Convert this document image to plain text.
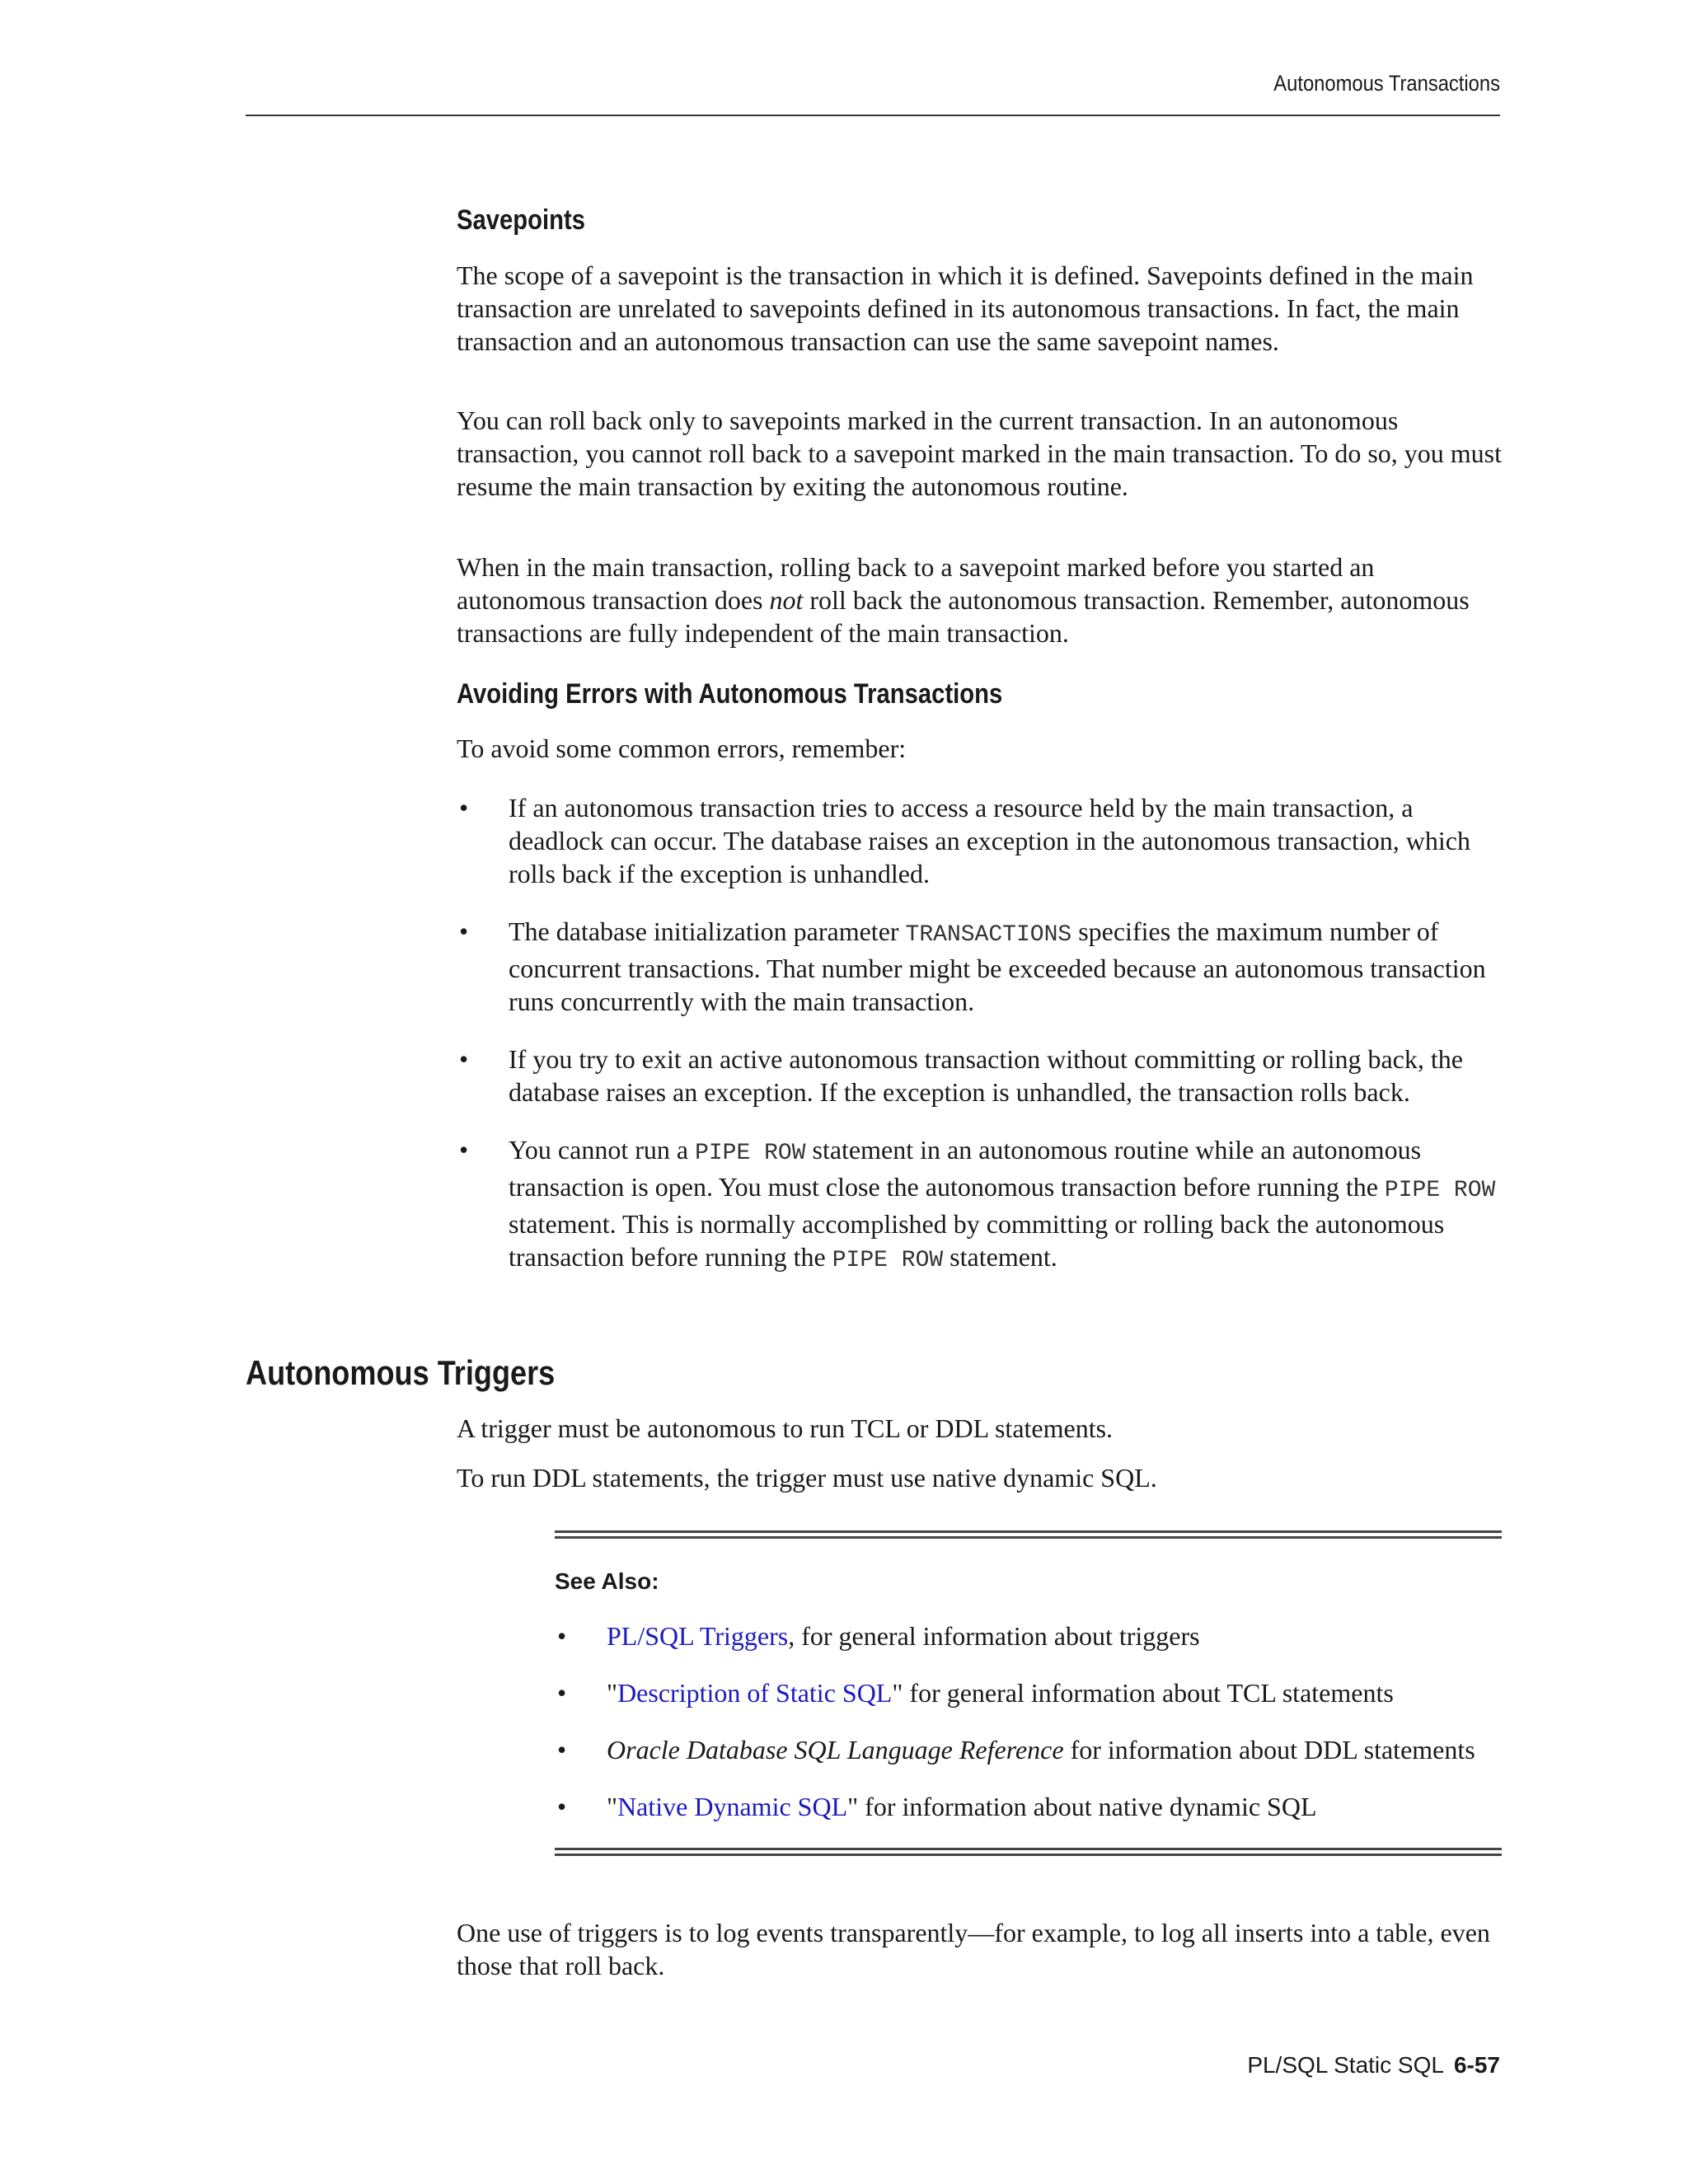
Autonomous Transactions
Savepoints

The scope of a savepoint is the transaction in which it is defined. Savepoints defined in the main transaction are unrelated to savepoints defined in its autonomous transactions. In fact, the main transaction and an autonomous transaction can use the same savepoint names.

You can roll back only to savepoints marked in the current transaction. In an autonomous transaction, you cannot roll back to a savepoint marked in the main transaction. To do so, you must resume the main transaction by exiting the autonomous routine.

When in the main transaction, rolling back to a savepoint marked before you started an autonomous transaction does not roll back the autonomous transaction. Remember, autonomous transactions are fully independent of the main transaction.

Avoiding Errors with Autonomous Transactions

To avoid some common errors, remember:

• If an autonomous transaction tries to access a resource held by the main transaction, a deadlock can occur. The database raises an exception in the autonomous transaction, which rolls back if the exception is unhandled.
• The database initialization parameter TRANSACTIONS specifies the maximum number of concurrent transactions. That number might be exceeded because an autonomous transaction runs concurrently with the main transaction.
• If you try to exit an active autonomous transaction without committing or rolling back, the database raises an exception. If the exception is unhandled, the transaction rolls back.
• You cannot run a PIPE ROW statement in an autonomous routine while an autonomous transaction is open. You must close the autonomous transaction before running the PIPE ROW statement. This is normally accomplished by committing or rolling back the autonomous transaction before running the PIPE ROW statement.
Autonomous Triggers

A trigger must be autonomous to run TCL or DDL statements.

To run DDL statements, the trigger must use native dynamic SQL.

See Also:

• PL/SQL Triggers, for general information about triggers
• "Description of Static SQL" for general information about TCL statements
• Oracle Database SQL Language Reference for information about DDL statements
• "Native Dynamic SQL" for information about native dynamic SQL

One use of triggers is to log events transparently—for example, to log all inserts into a table, even those that roll back.

PL/SQL Static SQL 6-57
